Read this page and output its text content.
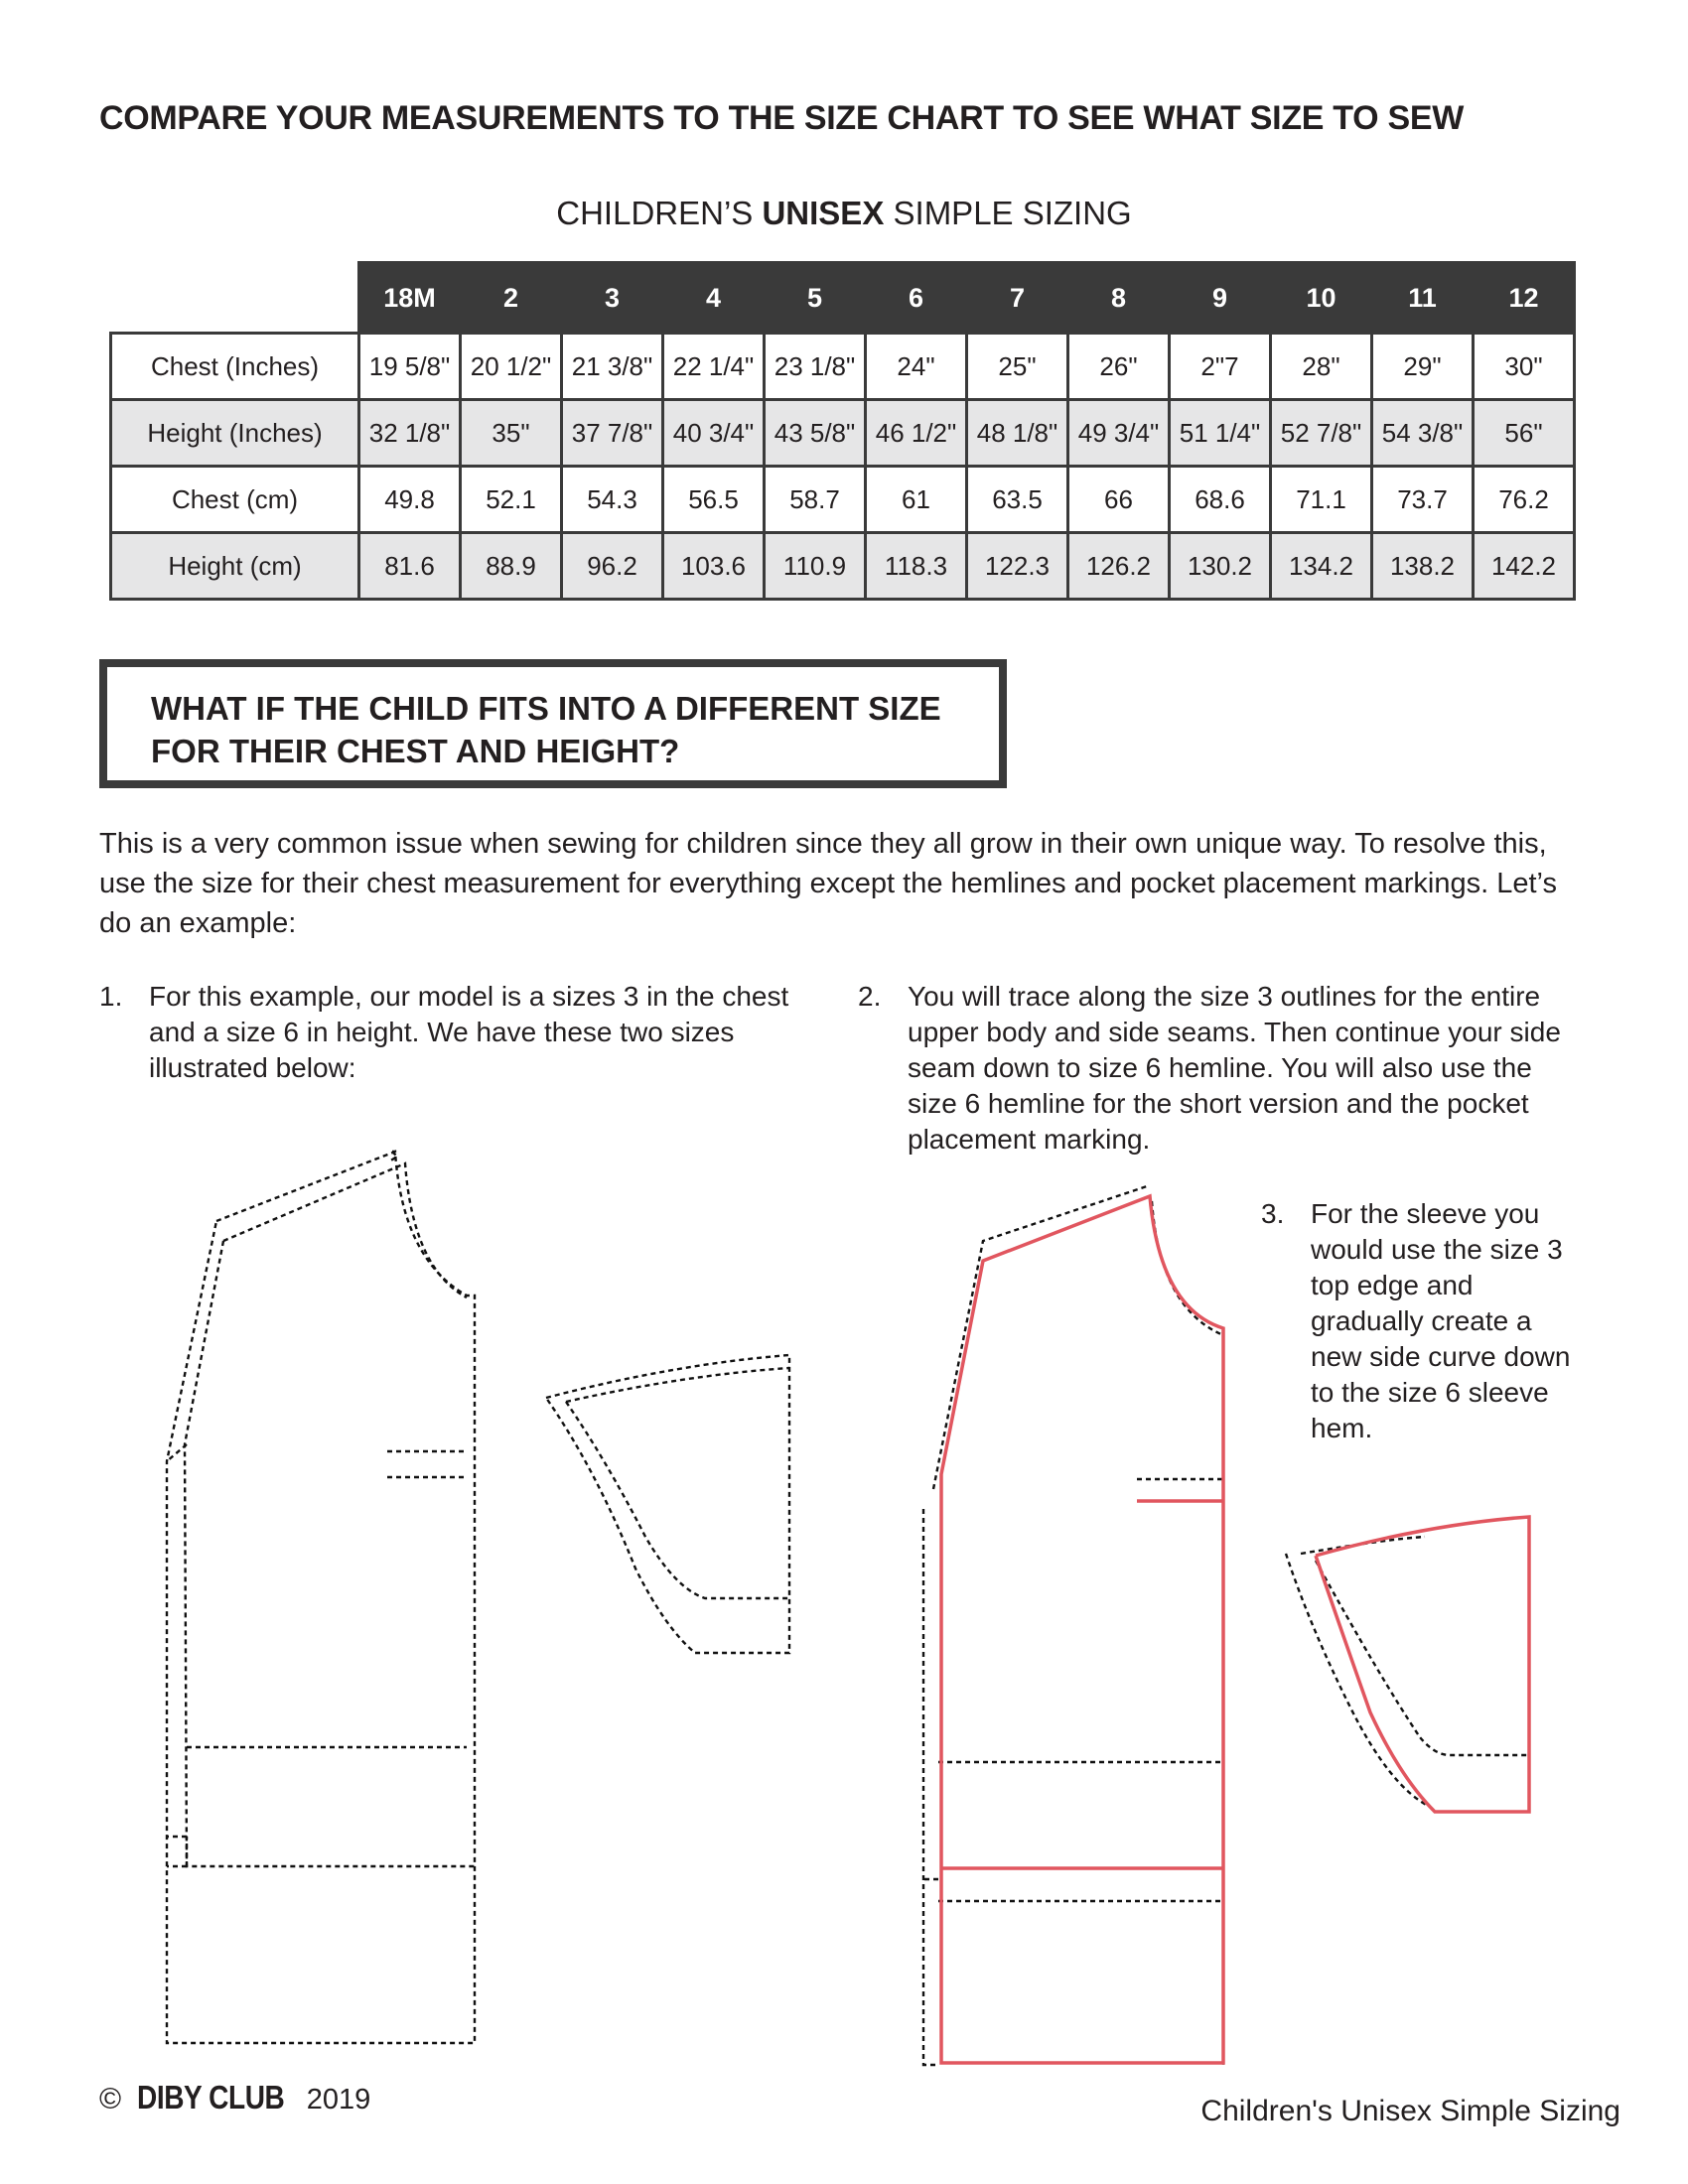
COMPARE YOUR MEASUREMENTS TO THE SIZE CHART TO SEE WHAT SIZE TO SEW
CHILDREN’S UNISEX SIMPLE SIZING
	18M	2	3	4	5	6	7	8	9	10	11	12
Chest (Inches)	19 5/8"	20 1/2"	21 3/8"	22 1/4"	23 1/8"	24"	25"	26"	2"7	28"	29"	30"
Height (Inches)	32 1/8"	35"	37 7/8"	40 3/4"	43 5/8"	46 1/2"	48 1/8"	49 3/4"	51 1/4"	52 7/8"	54 3/8"	56"
Chest (cm)	49.8	52.1	54.3	56.5	58.7	61	63.5	66	68.6	71.1	73.7	76.2
Height (cm)	81.6	88.9	96.2	103.6	110.9	118.3	122.3	126.2	130.2	134.2	138.2	142.2

WHAT IF THE CHILD FITS INTO A DIFFERENT SIZE
FOR THEIR CHEST AND HEIGHT?

This is a very common issue when sewing for children since they all grow in their own unique way. To resolve this, use the size for their chest measurement for everything except the hemlines and pocket placement markings. Let’s do an example:

1. For this example, our model is a sizes 3 in the chest and a size 6 in height. We have these two sizes illustrated below:
2. You will trace along the size 3 outlines for the entire upper body and side seams. Then continue your side seam down to size 6 hemline. You will also use the size 6 hemline for the short version and the pocket placement marking.
3. For the sleeve you would use the size 3 top edge and gradually create a new side curve down to the size 6 sleeve hem.
© DIBY CLUB 2019	Children's Unisex Simple Sizing
